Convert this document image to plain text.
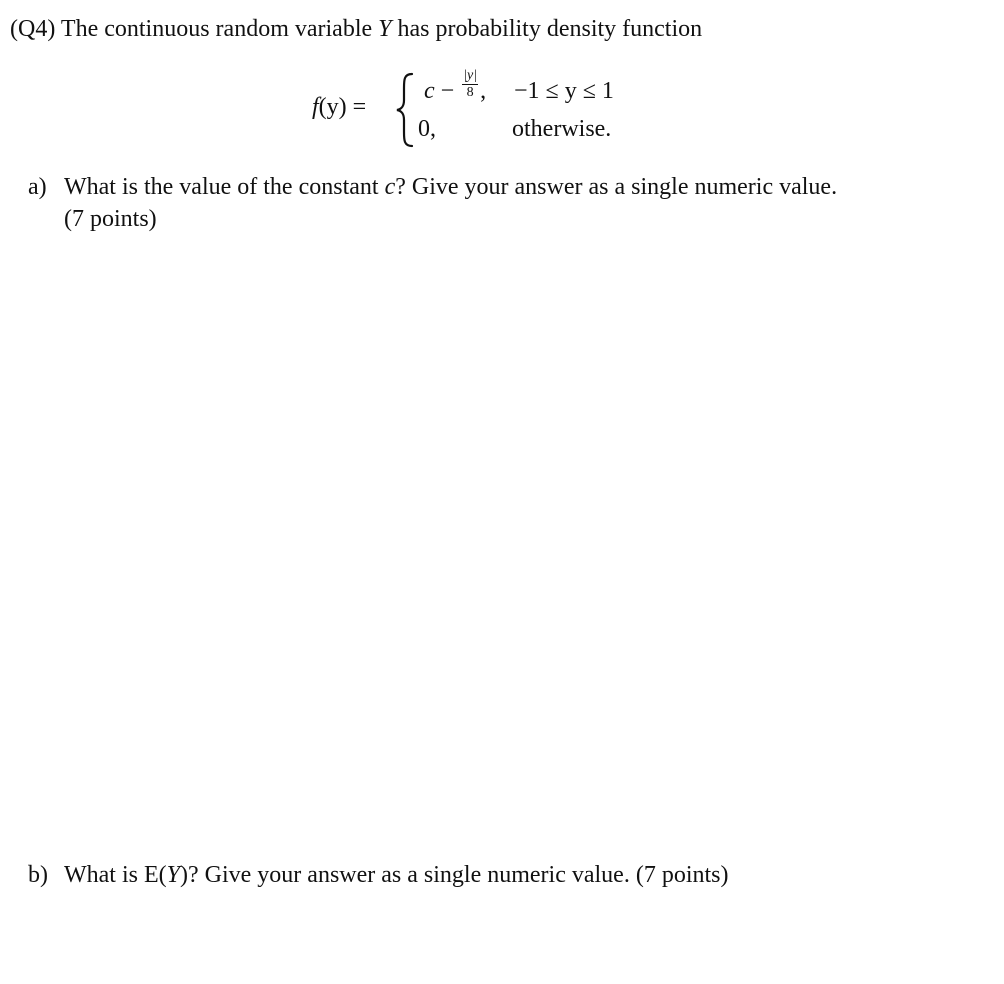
(Q4) The continuous random variable Y has probability density function
f(y) =
$c - \frac{|y|}{8}$ , −1 ≤ y ≤ 1
0,	otherwise.
a) What is the value of the constant c? Give your answer as a single numeric value.
(7 points)
b) What is E(Y)? Give your answer as a single numeric value. (7 points)
